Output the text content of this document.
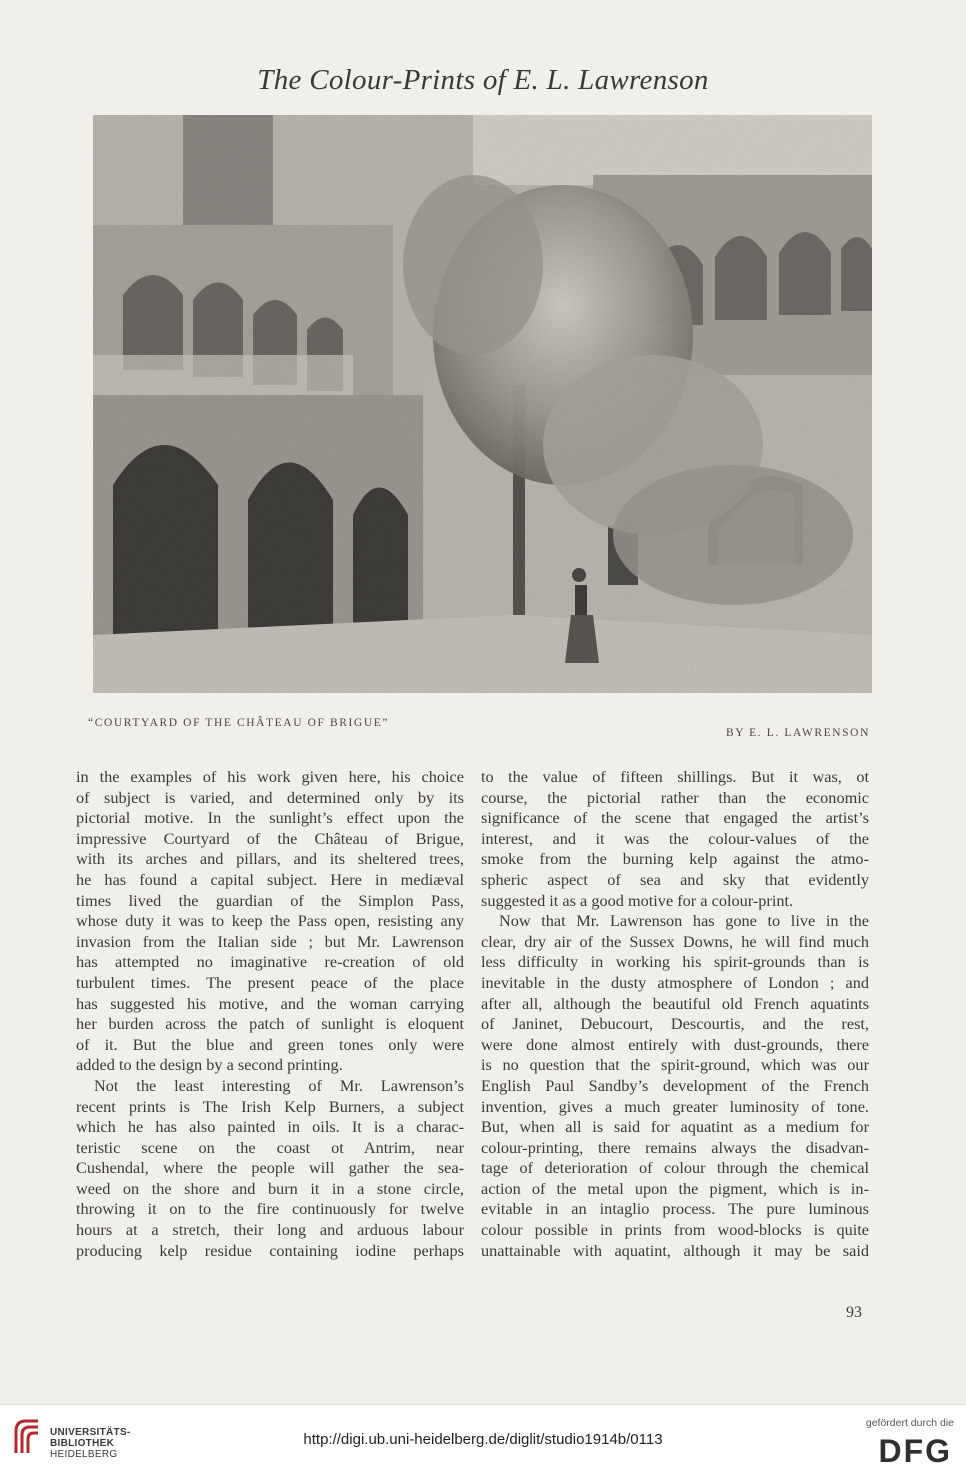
The Colour-Prints of E. L. Lawrenson
“COURTYARD OF THE CHÂTEAU OF BRIGUE”
BY E. L. LAWRENSON
in the examples of his work given here, his choice
of subject is varied, and determined only by its
pictorial motive. In the sunlight’s effect upon the
impressive Courtyard of the Château of Brigue,
with its arches and pillars, and its sheltered trees,
he has found a capital subject. Here in mediæval
times lived the guardian of the Simplon Pass,
whose duty it was to keep the Pass open, resisting any
invasion from the Italian side ; but Mr. Lawrenson
has attempted no imaginative re-creation of old
turbulent times. The present peace of the place
has suggested his motive, and the woman carrying
her burden across the patch of sunlight is eloquent
of it. But the blue and green tones only were
added to the design by a second printing.
Not the least interesting of Mr. Lawrenson’s
recent prints is The Irish Kelp Burners, a subject
which he has also painted in oils. It is a charac-
teristic scene on the coast ot Antrim, near
Cushendal, where the people will gather the sea-
weed on the shore and burn it in a stone circle,
throwing it on to the fire continuously for twelve
hours at a stretch, their long and arduous labour
producing kelp residue containing iodine perhaps
to the value of fifteen shillings. But it was, ot
course, the pictorial rather than the economic
significance of the scene that engaged the artist’s
interest, and it was the colour-values of the
smoke from the burning kelp against the atmo-
spheric aspect of sea and sky that evidently
suggested it as a good motive for a colour-print.
Now that Mr. Lawrenson has gone to live in the
clear, dry air of the Sussex Downs, he will find much
less difficulty in working his spirit-grounds than is
inevitable in the dusty atmosphere of London ; and
after all, although the beautiful old French aquatints
of Janinet, Debucourt, Descourtis, and the rest,
were done almost entirely with dust-grounds, there
is no question that the spirit-ground, which was our
English Paul Sandby’s development of the French
invention, gives a much greater luminosity of tone.
But, when all is said for aquatint as a medium for
colour-printing, there remains always the disadvan-
tage of deterioration of colour through the chemical
action of the metal upon the pigment, which is in-
evitable in an intaglio process. The pure luminous
colour possible in prints from wood-blocks is quite
unattainable with aquatint, although it may be said
93
UNIVERSITÄTS-
BIBLIOTHEK
HEIDELBERG
http://digi.ub.uni-heidelberg.de/diglit/studio1914b/0113
gefördert durch die
DFG
